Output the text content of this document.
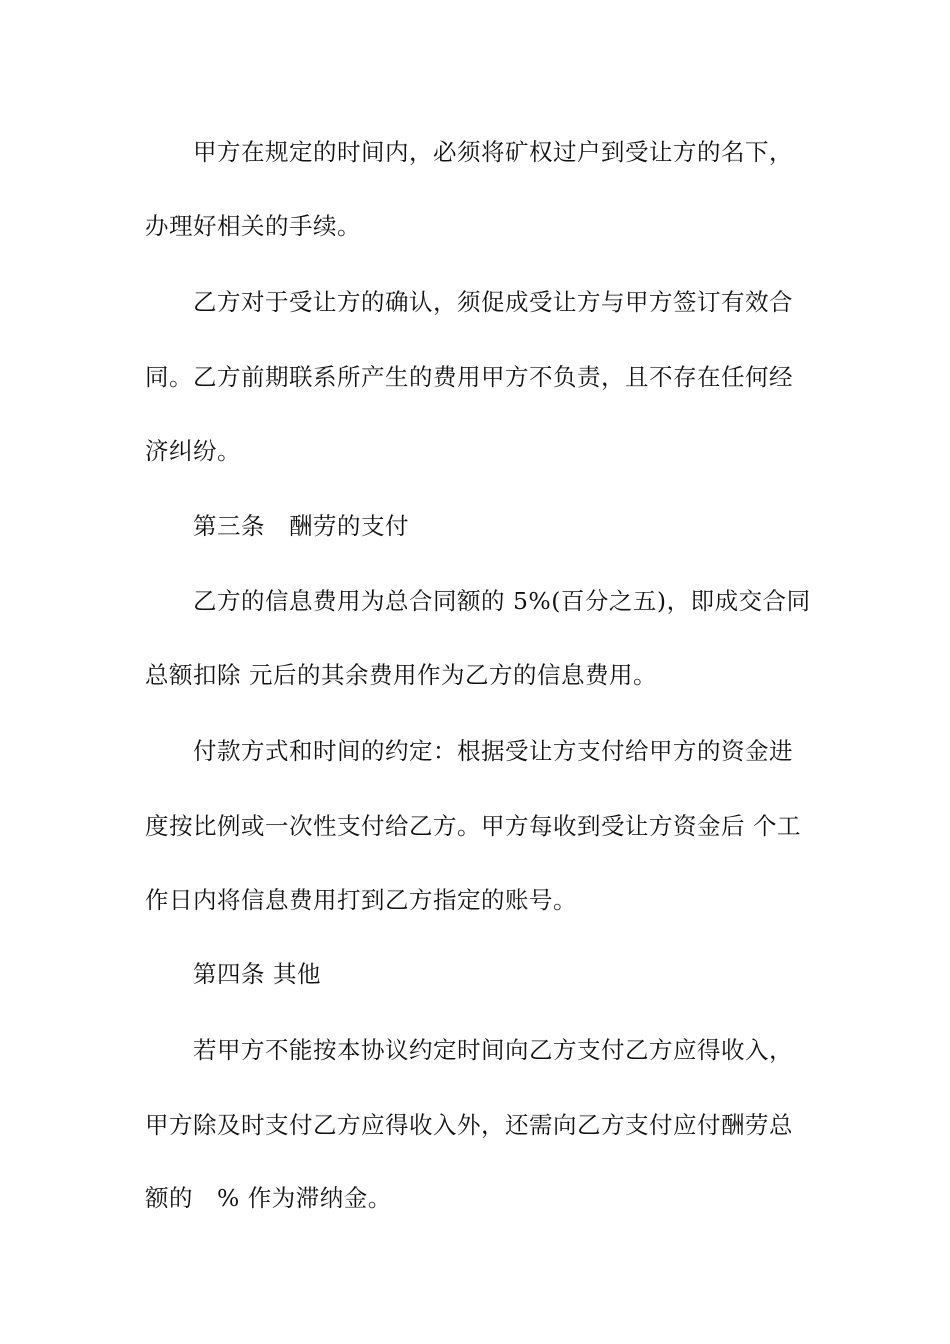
甲方在规定的时间内，必须将矿权过户到受让方的名下，
办理好相关的手续。
乙方对于受让方的确认，须促成受让方与甲方签订有效合
同。乙方前期联系所产生的费用甲方不负责，且不存在任何经
济纠纷。
第三条　酬劳的支付
乙方的信息费用为总合同额的 5%(百分之五)，即成交合同
总额扣除 元后的其余费用作为乙方的信息费用。
付款方式和时间的约定：根据受让方支付给甲方的资金进
度按比例或一次性支付给乙方。甲方每收到受让方资金后 个工
作日内将信息费用打到乙方指定的账号。
第四条 其他
若甲方不能按本协议约定时间向乙方支付乙方应得收入，
甲方除及时支付乙方应得收入外，还需向乙方支付应付酬劳总
额的　% 作为滞纳金。
